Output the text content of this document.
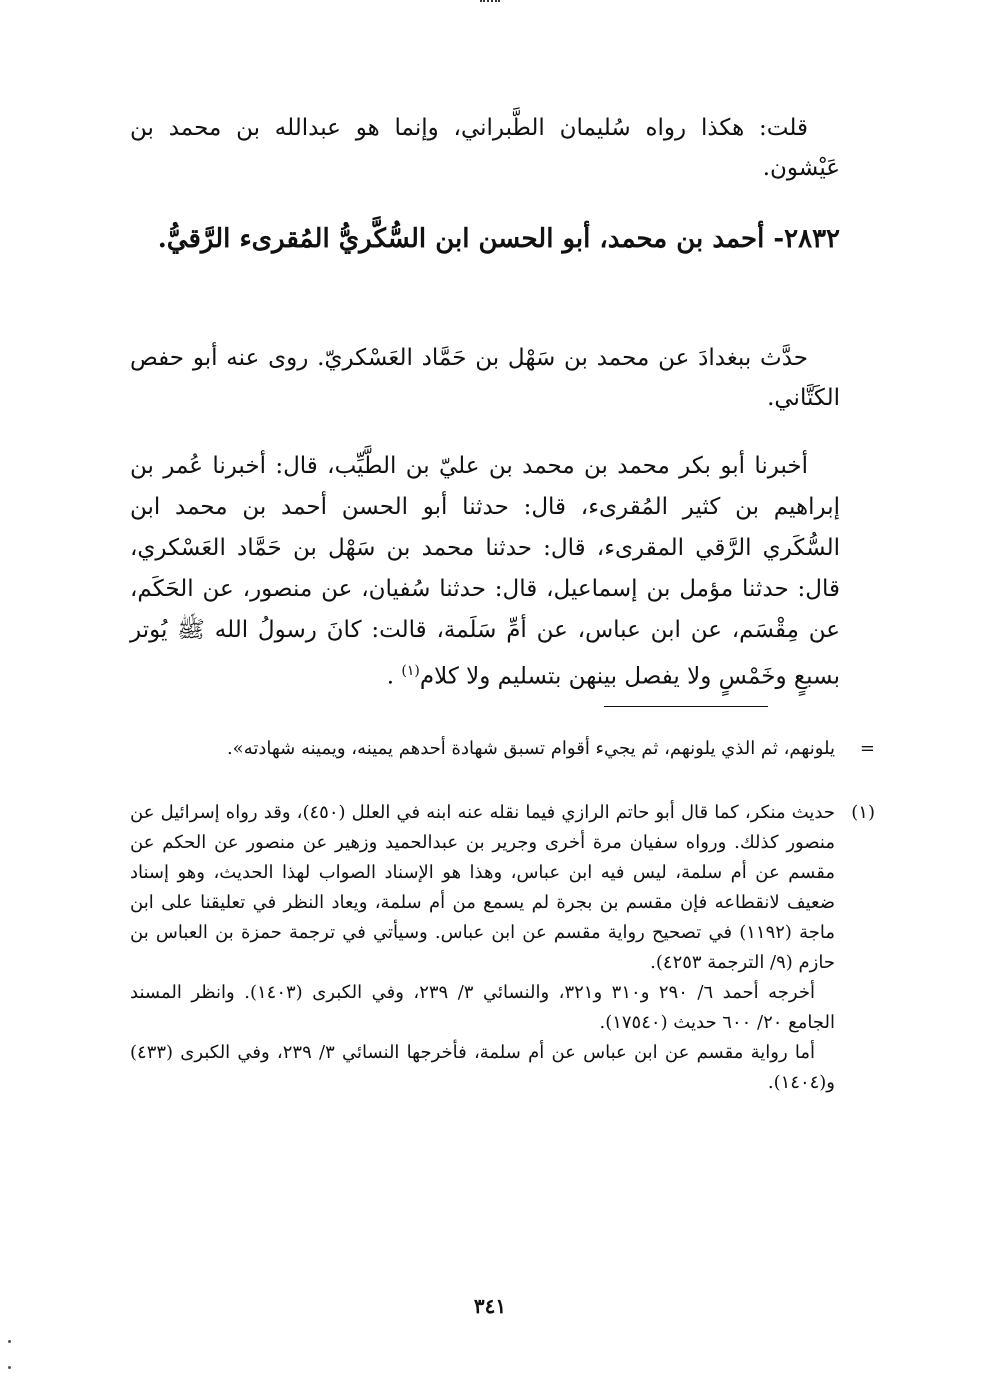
قلت: هكذا رواه سُليمان الطَّبراني، وإنما هو عبدالله بن محمد بن عَيْشون.
٢٨٣٢- أحمد بن محمد، أبو الحسن ابن السُّكَّريُّ المُقرىء الرَّقيُّ.
حدَّث ببغدادَ عن محمد بن سَهْل بن حَمَّاد العَسْكريّ. روى عنه أبو حفص الكَتَّاني.
أخبرنا أبو بكر محمد بن محمد بن عليّ بن الطَّيِّب، قال: أخبرنا عُمر بن إبراهيم بن كثير المُقرىء، قال: حدثنا أبو الحسن أحمد بن محمد ابن السُّكَري الرَّقي المقرىء، قال: حدثنا محمد بن سَهْل بن حَمَّاد العَسْكري، قال: حدثنا مؤمل بن إسماعيل، قال: حدثنا سُفيان، عن منصور، عن الحَكَم، عن مِقْسَم، عن ابن عباس، عن أمِّ سَلَمة، قالت: كانَ رسولُ الله ﷺ يُوتر بسبعٍ وخَمْسٍ ولا يفصل بينهن بتسليم ولا كلام$^{(١)}$ .
=
يلونهم، ثم الذي يلونهم، ثم يجيء أقوام تسبق شهادة أحدهم يمينه، ويمينه شهادته».
(١)
حديث منكر، كما قال أبو حاتم الرازي فيما نقله عنه ابنه في العلل (٤٥٠)، وقد رواه إسرائيل عن منصور كذلك. ورواه سفيان مرة أخرى وجرير بن عبدالحميد وزهير عن منصور عن الحكم عن مقسم عن أم سلمة، ليس فيه ابن عباس، وهذا هو الإسناد الصواب لهذا الحديث، وهو إسناد ضعيف لانقطاعه فإن مقسم بن بجرة لم يسمع من أم سلمة، ويعاد النظر في تعليقنا على ابن ماجة (١١٩٢) في تصحيح رواية مقسم عن ابن عباس. وسيأتي في ترجمة حمزة بن العباس بن حازم (٩/ الترجمة ٤٢٥٣).
أخرجه أحمد ٦/ ٢٩٠ و٣١٠ و٣٢١، والنسائي ٣/ ٢٣٩، وفي الكبرى (١٤٠٣). وانظر المسند الجامع ٢٠/ ٦٠٠ حديث (١٧٥٤٠).
أما رواية مقسم عن ابن عباس عن أم سلمة، فأخرجها النسائي ٣/ ٢٣٩، وفي الكبرى (٤٣٣) و(١٤٠٤).
٣٤١
